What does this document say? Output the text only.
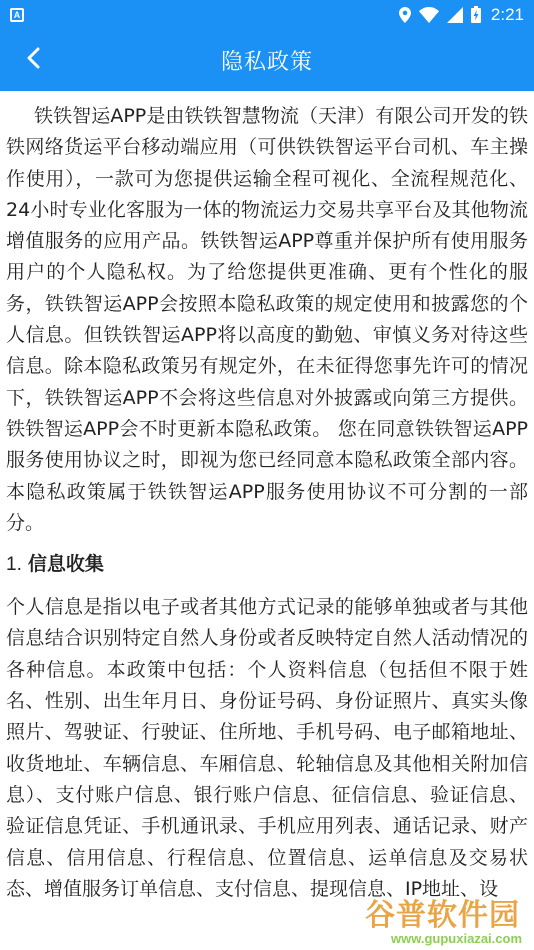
A	2:21
隐私政策

铁铁智运APP是由铁铁智慧物流（天津）有限公司开发的铁铁网络货运平台移动端应用（可供铁铁智运平台司机、车主操作使用），一款可为您提供运输全程可视化、全流程规范化、24小时专业化客服为一体的物流运力交易共享平台及其他物流增值服务的应用产品。铁铁智运APP尊重并保护所有使用服务用户的个人隐私权。为了给您提供更准确、更有个性化的服务，铁铁智运APP会按照本隐私政策的规定使用和披露您的个人信息。但铁铁智运APP将以高度的勤勉、审慎义务对待这些信息。除本隐私政策另有规定外，在未征得您事先许可的情况下，铁铁智运APP不会将这些信息对外披露或向第三方提供。铁铁智运APP会不时更新本隐私政策。 您在同意铁铁智运APP服务使用协议之时，即视为您已经同意本隐私政策全部内容。本隐私政策属于铁铁智运APP服务使用协议不可分割的一部分。

1. 信息收集

个人信息是指以电子或者其他方式记录的能够单独或者与其他信息结合识别特定自然人身份或者反映特定自然人活动情况的各种信息。本政策中包括：个人资料信息（包括但不限于姓名、性别、出生年月日、身份证号码、身份证照片、真实头像照片、驾驶证、行驶证、住所地、手机号码、电子邮箱地址、收货地址、车辆信息、车厢信息、轮轴信息及其他相关附加信息）、支付账户信息、银行账户信息、征信信息、验证信息、验证信息凭证、手机通讯录、手机应用列表、通话记录、财产信息、信用信息、行程信息、位置信息、运单信息及交易状态、增值服务订单信息、支付信息、提现信息、IP地址、设

谷普软件园
www.gupuxiazai.com
